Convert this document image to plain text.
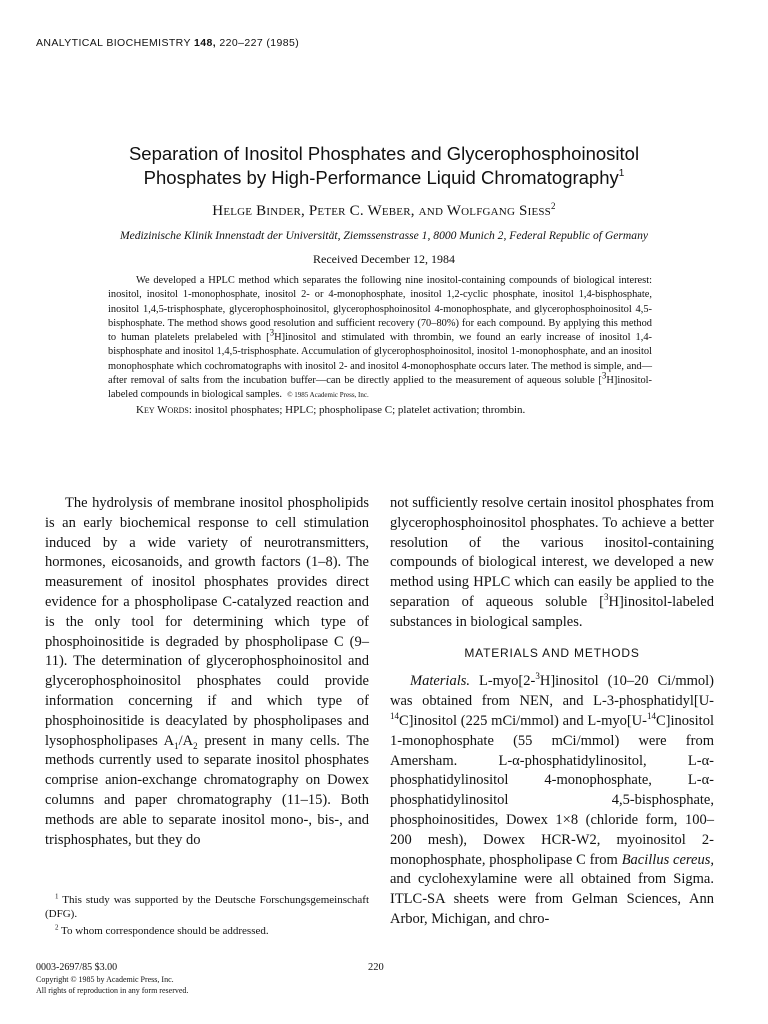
ANALYTICAL BIOCHEMISTRY 148, 220–227 (1985)
Separation of Inositol Phosphates and Glycerophosphoinositol
Phosphates by High-Performance Liquid Chromatography$^1$
Helge Binder, Peter C. Weber, and Wolfgang Siess$^2$
Medizinische Klinik Innenstadt der Universität, Ziemssenstrasse 1, 8000 Munich 2, Federal Republic of Germany
Received December 12, 1984

We developed a HPLC method which separates the following nine inositol-containing compounds of biological interest: inositol, inositol 1-monophosphate, inositol 2- or 4-monophosphate, inositol 1,2-cyclic phosphate, inositol 1,4-bisphosphate, inositol 1,4,5-trisphosphate, glycerophosphoinositol, glycerophosphoinositol 4-monophosphate, and glycerophosphoinositol 4,5-bisphosphate. The method shows good resolution and sufficient recovery (70–80%) for each compound. By applying this method to human platelets prelabeled with [$^3$H]inositol and stimulated with thrombin, we found an early increase of inositol 1,4-bisphosphate and inositol 1,4,5-trisphosphate. Accumulation of glycerophosphoinositol, inositol 1-monophosphate, and an inositol monophosphate which cochromatographs with inositol 2- and inositol 4-monophosphate occurs later. The method is simple, and—after removal of salts from the incubation buffer—can be directly applied to the measurement of aqueous soluble [$^3$H]inositol-labeled compounds in biological samples. © 1985 Academic Press, Inc.

Key Words: inositol phosphates; HPLC; phospholipase C; platelet activation; thrombin.

The hydrolysis of membrane inositol phospholipids is an early biochemical response to cell stimulation induced by a wide variety of neurotransmitters, hormones, eicosanoids, and growth factors (1–8). The measurement of inositol phosphates provides direct evidence for a phospholipase C-catalyzed reaction and is the only tool for determining which type of phosphoinositide is degraded by phospholipase C (9–11). The determination of glycerophosphoinositol and glycerophosphoinositol phosphates could provide information concerning if and which type of phosphoinositide is deacylated by phospholipases and lysophospholipases $A_1/A_2$ present in many cells. The methods currently used to separate inositol phosphates comprise anion-exchange chromatography on Dowex columns and paper chromatography (11–15). Both methods are able to separate inositol mono-, bis-, and trisphosphates, but they do

not sufficiently resolve certain inositol phosphates from glycerophosphoinositol phosphates. To achieve a better resolution of the various inositol-containing compounds of biological interest, we developed a new method using HPLC which can easily be applied to the separation of aqueous soluble [$^3$H]inositol-labeled substances in biological samples.

MATERIALS AND METHODS

Materials. L-myo[2-$^3$H]inositol (10–20 Ci/mmol) was obtained from NEN, and L-3-phosphatidyl[U-$^{14}$C]inositol (225 mCi/mmol) and L-myo[U-$^{14}$C]inositol 1-monophosphate (55 mCi/mmol) were from Amersham. L-α-phosphatidylinositol, L-α-phosphatidylinositol 4-monophosphate, L-α-phosphatidylinositol 4,5-bisphosphate, phosphoinositides, Dowex 1×8 (chloride form, 100–200 mesh), Dowex HCR-W2, myoinositol 2-monophosphate, phospholipase C from Bacillus cereus, and cyclohexylamine were all obtained from Sigma. ITLC-SA sheets were from Gelman Sciences, Ann Arbor, Michigan, and chro-

$^1$ This study was supported by the Deutsche Forschungsgemeinschaft (DFG).

$^2$ To whom correspondence should be addressed.

0003-2697/85 $3.00
Copyright © 1985 by Academic Press, Inc.
All rights of reproduction in any form reserved.
220
